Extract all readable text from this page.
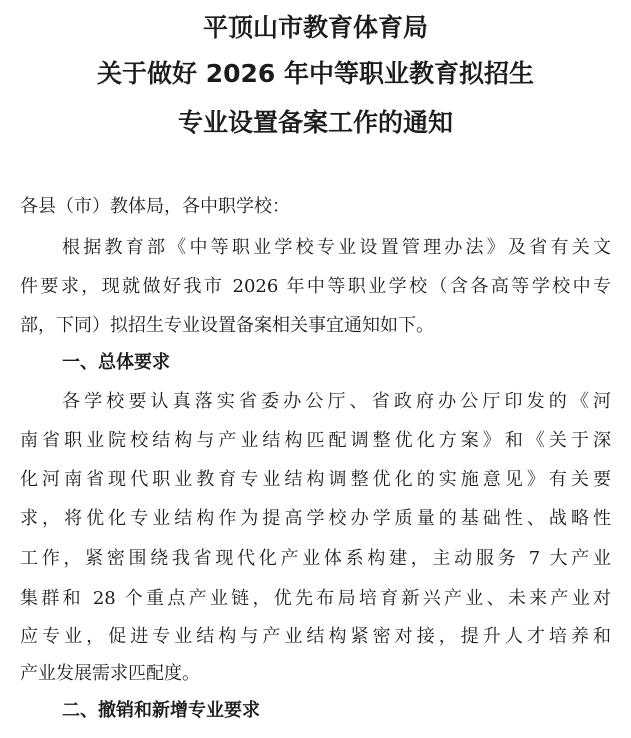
平顶山市教育体育局
关于做好 2026 年中等职业教育拟招生
专业设置备案工作的通知
各县（市）教体局，各中职学校：
根据教育部《中等职业学校专业设置管理办法》及省有关文
件要求，现就做好我市 2026 年中等职业学校（含各高等学校中专
部，下同）拟招生专业设置备案相关事宜通知如下。
一、总体要求
各学校要认真落实省委办公厅、省政府办公厅印发的《河
南省职业院校结构与产业结构匹配调整优化方案》和《关于深
化河南省现代职业教育专业结构调整优化的实施意见》有关要
求，将优化专业结构作为提高学校办学质量的基础性、战略性
工作，紧密围绕我省现代化产业体系构建，主动服务 7 大产业
集群和 28 个重点产业链，优先布局培育新兴产业、未来产业对
应专业，促进专业结构与产业结构紧密对接，提升人才培养和
产业发展需求匹配度。
二、撤销和新增专业要求
